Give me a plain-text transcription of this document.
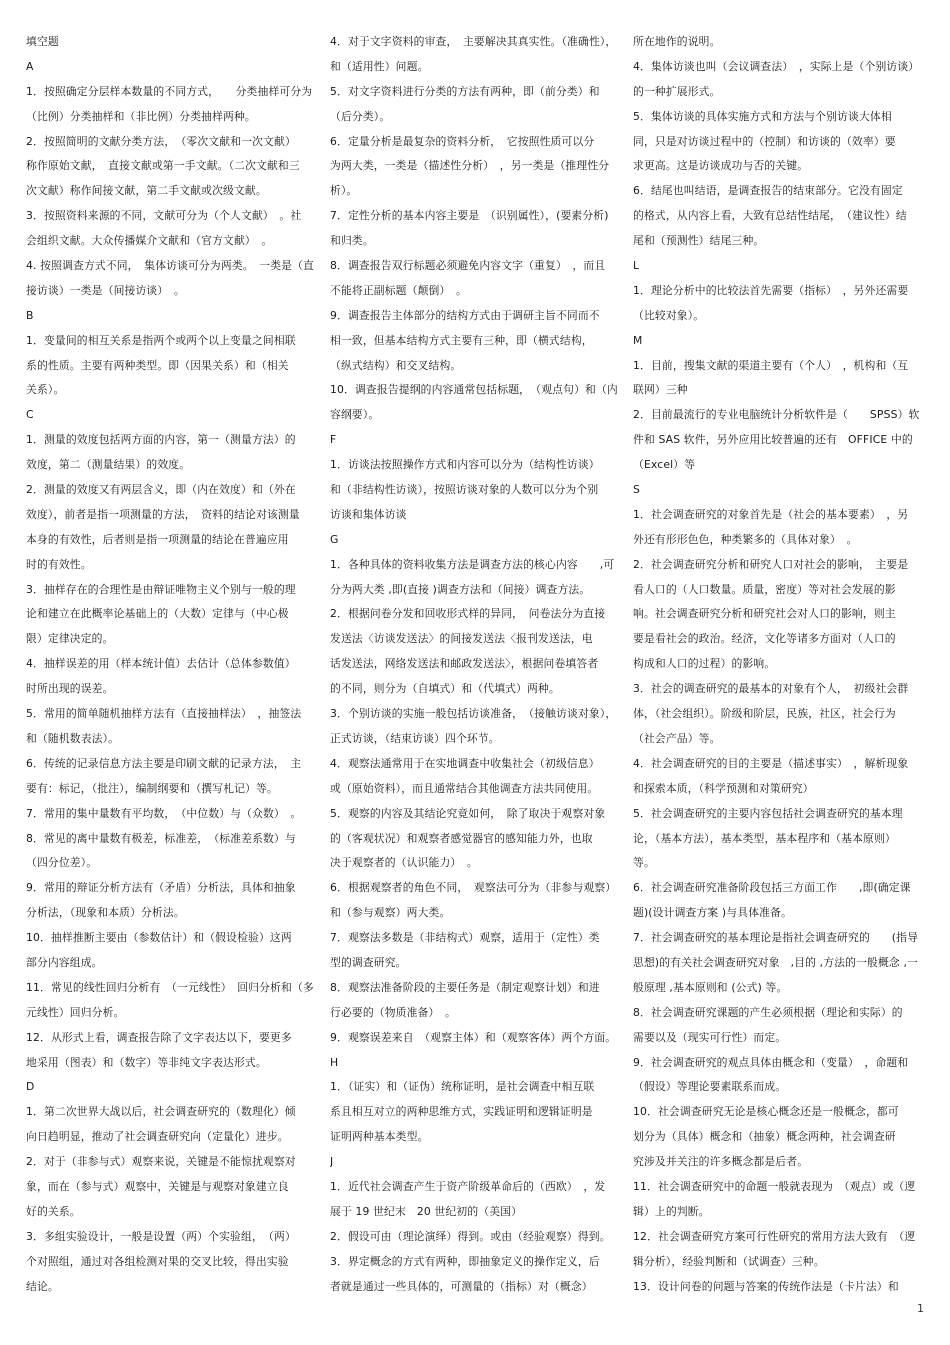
填空题
A
1．按照确定分层样本数量的不同方式，　　分类抽样可分为
（比例）分类抽样和（非比例）分类抽样两种。
2．按照简明的文献分类方法，　（零次文献和一次文献）
称作原始文献，　直接文献或第一手文献。（二次文献和三
次文献）称作间接文献，第二手文献或次级文献。
3．按照资料来源的不同，文献可分为（个人文献）　。社
会组织文献。大众传播媒介文献和（官方文献）　。
4. 按照调查方式不同，　集体访谈可分为两类。　一类是（直
接访谈）一类是（间接访谈）　。
B
1．变量间的相互关系是指两个或两个以上变量之间相联
系的性质。主要有两种类型。即（因果关系）和（相关
关系）。
C
1．测量的效度包括两方面的内容，第一（测量方法）的
效度，第二（测量结果）的效度。
2．测量的效度又有两层含义，即（内在效度）和（外在
效度），前者是指一项测量的方法，　资料的结论对该测量
本身的有效性，后者则是指一项测量的结论在普遍应用
时的有效性。
3．抽样存在的合理性是由辩证唯物主义个别与一般的理
论和建立在此概率论基础上的（大数）定律与（中心极
限）定律决定的。
4．抽样误差的用（样本统计值）去估计（总体参数值）
时所出现的误差。
5．常用的简单随机抽样方法有（直接抽样法）　，抽签法
和（随机数表法）。
6．传统的记录信息方法主要是印刷文献的记录方法，　主
要有：标记，（批注），编制纲要和（撰写札记）等。
7．常用的集中量数有平均数，　（中位数）与（众数）　。
8．常见的离中量数有极差，标准差，　（标准差系数）与
（四分位差）。
9．常用的辩证分析方法有（矛盾）分析法，具体和抽象
分析法，（现象和本质）分析法。
10．抽样推断主要由（参数估计）和（假设检验）这两
部分内容组成。
11．常见的线性回归分析有　（一元线性）　回归分析和（多
元线性）回归分析。
12．从形式上看，调查报告除了文字表达以下，要更多
地采用（图表）和（数字）等非纯文字表达形式。
D
1．第二次世界大战以后，社会调查研究的（数理化）倾
向日趋明显，推动了社会调查研究向（定量化）进步。
2．对于（非参与式）观察来说，关键是不能惊扰观察对
象，而在（参与式）观察中，关键是与观察对象建立良
好的关系。
3．多组实验设计，一般是设置（两）个实验组，　（两）
个对照组，通过对各组检测对果的交叉比较，得出实验
结论。
4．对于文字资料的审查，　主要解决其真实性。（准确性），
和（适用性）问题。
5．对文字资料进行分类的方法有两种，即（前分类）和
（后分类）。
6．定量分析是最复杂的资料分析，　它按照性质可以分
为两大类，一类是（描述性分析）　，另一类是（推理性分
析）。
7．定性分析的基本内容主要是　（识别属性），(要素分析)
和归类。
8．调查报告双行标题必须避免内容文字（重复）　，而且
不能将正副标题（颠倒）　。
9．调查报告主体部分的结构方式由于调研主旨不同而不
相一致，但基本结构方式主要有三种，即（横式结构，
（纵式结构）和交叉结构。
10．调查报告提纲的内容通常包括标题，　（观点句）和（内
容纲要）。
F
1．访谈法按照操作方式和内容可以分为（结构性访谈）
和（非结构性访谈），按照访谈对象的人数可以分为个别
访谈和集体访谈
G
1．各种具体的资料收集方法是调查方法的核心内容　　,可
分为两大类 ,即(直接 )调查方法和（间接）调查方法。
2．根据问卷分发和回收形式样的异同，　问卷法分为直接
发送法〈访谈发送法〉的间接发送法〈报刊发送法，电
话发送法，网络发送法和邮政发送法〉，根据问卷填答者
的不同，则分为（自填式）和（代填式）两种。
3．个别访谈的实施一般包括访谈准备，　（接触访谈对象），
正式访谈，（结束访谈）四个环节。
4．观察法通常用于在实地调查中收集社会（初级信息）
或（原始资料），而且通常结合其他调查方法共同使用。
5．观察的内容及其结论究竟如何，　除了取决于观察对象
的（客观状况）和观察者感觉器官的感知能力外，也取
决于观察者的（认识能力）　。
6．根据观察者的角色不同，　观察法可分为（非参与观察）
和（参与观察）两大类。
7．观察法多数是（非结构式）观察，适用于（定性）类
型的调查研究。
8．观察法准备阶段的主要任务是（制定观察计划）和进
行必要的（物质准备）　。
9．观察误差来自　（观察主体）和（观察客体）两个方面。
H
1．（证实）和（证伪）统称证明，是社会调查中相互联
系且相互对立的两种思维方式，实践证明和逻辑证明是
证明两种基本类型。
J
1．近代社会调查产生于资产阶级革命后的（西欧）　，发
展于 19 世纪末　20 世纪初的（美国）
2．假设可由（理论演绎）得到。或由（经验观察）得到。
3．界定概念的方式有两种，即抽象定义的操作定义，后
者就是通过一些具体的，可测量的（指标）对（概念）
所在地作的说明。
4．集体访谈也叫（会议调查法）　，实际上是（个别访谈）
的一种扩展形式。
5．集体访谈的具体实施方式和方法与个别访谈大体相
同，只是对访谈过程中的（控制）和访谈的（效率）要
求更高。这是访谈成功与否的关键。
6．结尾也叫结语，是调查报告的结束部分。它没有固定
的格式，从内容上看，大致有总结性结尾，　（建议性）结
尾和（预测性）结尾三种。
L
1．理论分析中的比较法首先需要（指标）　，另外还需要
（比较对象）。
M
1．目前，搜集文献的渠道主要有（个人）　，机构和（互
联网）三种
2．目前最流行的专业电脑统计分析软件是（　　SPSS）软
件和 SAS 软件，另外应用比较普遍的还有　OFFICE 中的
（Excel）等
S
1．社会调查研究的对象首先是（社会的基本要素）　，另
外还有形形色色，种类繁多的（具体对象）　。
2．社会调查研究分析和研究人口对社会的影响，　主要是
看人口的（人口数量。质量，密度）等对社会发展的影
响。社会调查研究分析和研究社会对人口的影响，则主
要是看社会的政治。经济，文化等诸多方面对（人口的
构成和人口的过程）的影响。
3．社会的调查研究的最基本的对象有个人，　初级社会群
体，（社会组织）。阶级和阶层，民族，社区，社会行为
（社会产品）等。
4．社会调查研究的目的主要是（描述事实）　，解析现象
和探索本质，（科学预测和对策研究）
5．社会调查研究的主要内容包括社会调查研究的基本理
论，（基本方法），基本类型，基本程序和（基本原则）
等。
6．社会调查研究准备阶段包括三方面工作　　,即(确定课
题)(设计调查方案 )与具体准备。
7．社会调查研究的基本理论是指社会调查研究的　　(指导
思想)的有关社会调查研究对象　,目的 ,方法的一般概念 ,一
般原理 ,基本原则和 (公式) 等。
8．社会调查研究课题的产生必须根据（理论和实际）的
需要以及（现实可行性）而定。
9．社会调查研究的观点具体由概念和（变量）　，命题和
（假设）等理论要素联系而成。
10．社会调查研究无论是核心概念还是一般概念，都可
划分为（具体）概念和（抽象）概念两种，社会调查研
究涉及并关注的许多概念都是后者。
11．社会调查研究中的命题一般就表现为　（观点）或（逻
辑）上的判断。
12．社会调查研究方案可行性研究的常用方法大致有　（逻
辑分析），经验判断和（试调查）三种。
13．设计问卷的问题与答案的传统作法是（卡片法）和
1
